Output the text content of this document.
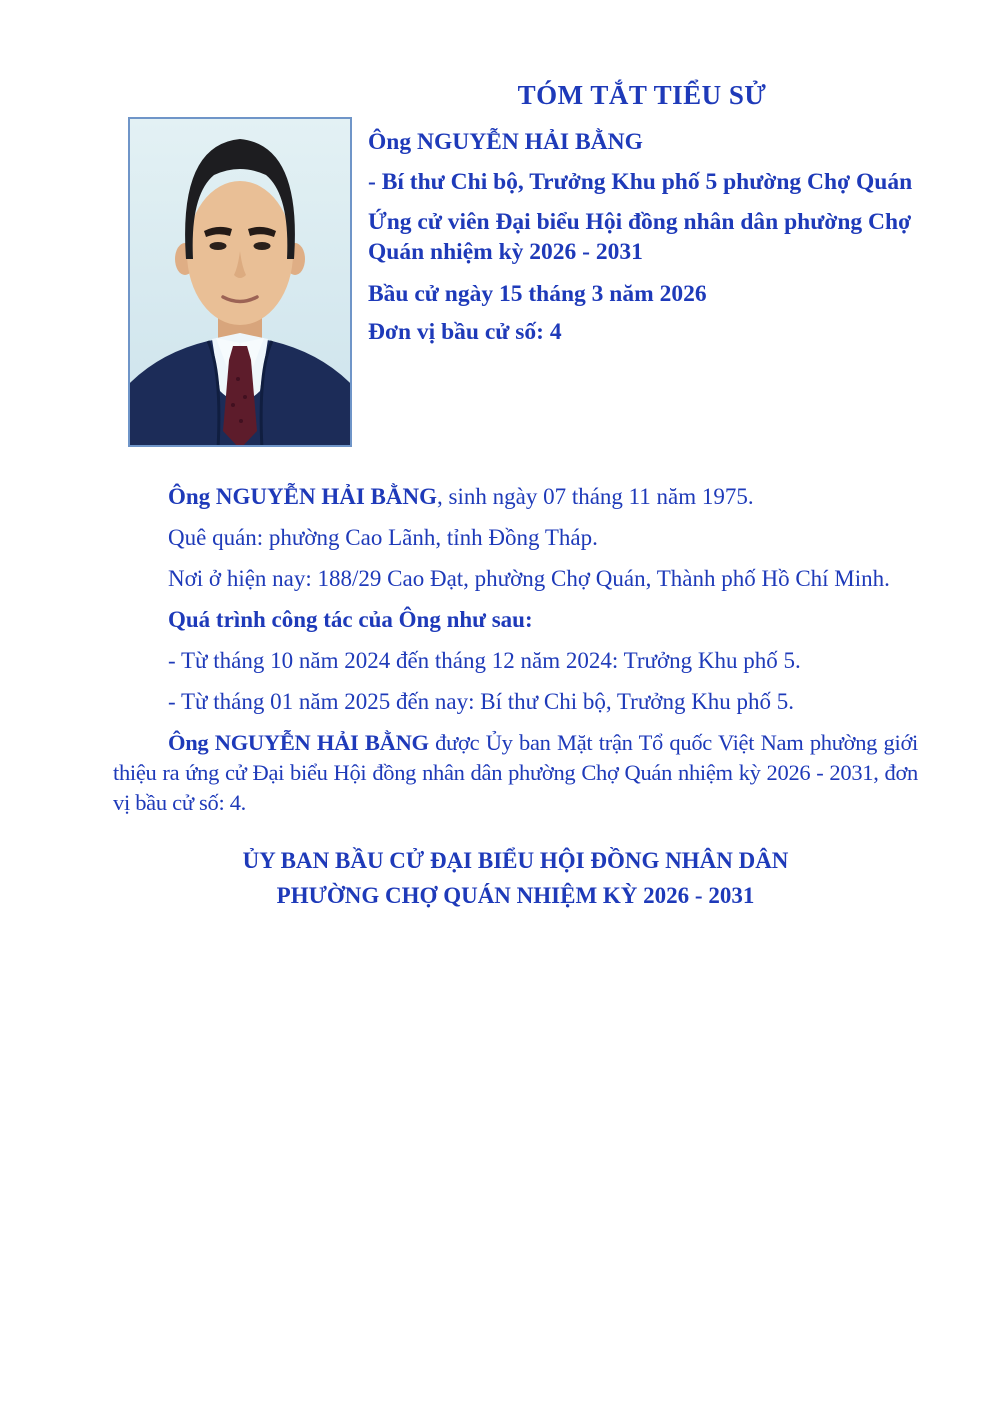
TÓM TẮT TIỂU SỬ

Ông NGUYỄN HẢI BẰNG

- Bí thư Chi bộ, Trưởng Khu phố 5 phường Chợ Quán

Ứng cử viên Đại biểu Hội đồng nhân dân phường Chợ Quán nhiệm kỳ 2026 - 2031

Bầu cử ngày 15 tháng 3 năm 2026

Đơn vị bầu cử số: 4

Ông NGUYỄN HẢI BẰNG, sinh ngày 07 tháng 11 năm 1975.

Quê quán: phường Cao Lãnh, tỉnh Đồng Tháp.

Nơi ở hiện nay: 188/29 Cao Đạt, phường Chợ Quán, Thành phố Hồ Chí Minh.

Quá trình công tác của Ông như sau:

- Từ tháng 10 năm 2024 đến tháng 12 năm 2024: Trưởng Khu phố 5.

- Từ tháng 01 năm 2025 đến nay: Bí thư Chi bộ, Trưởng Khu phố 5.

Ông NGUYỄN HẢI BẰNG được Ủy ban Mặt trận Tổ quốc Việt Nam phường giới thiệu ra ứng cử Đại biểu Hội đồng nhân dân phường Chợ Quán nhiệm kỳ 2026 - 2031, đơn vị bầu cử số: 4.

ỦY BAN BẦU CỬ ĐẠI BIỂU HỘI ĐỒNG NHÂN DÂN

PHƯỜNG CHỢ QUÁN NHIỆM KỲ 2026 - 2031
